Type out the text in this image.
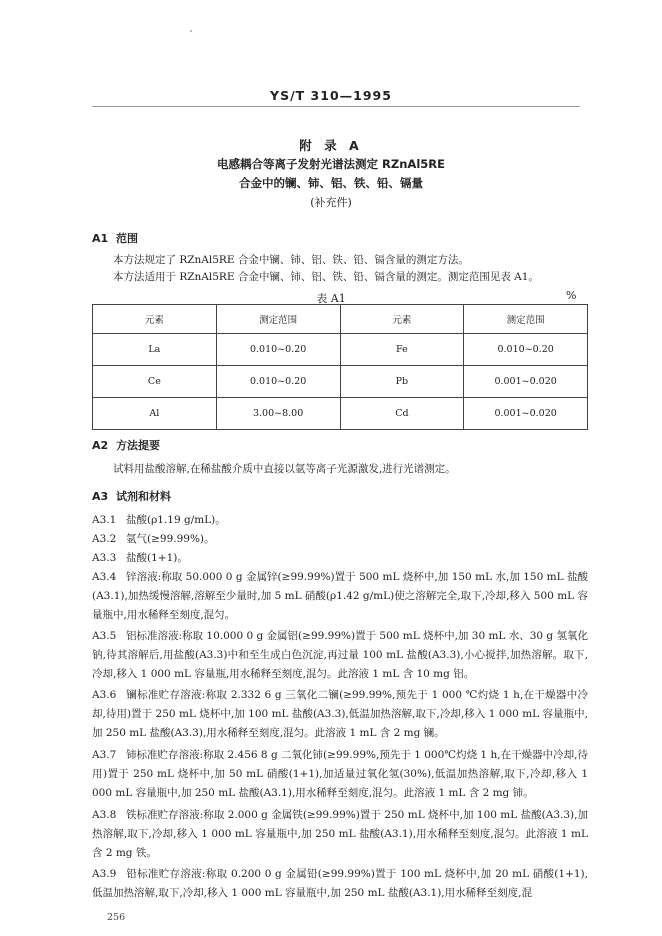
YS/T 310—1995
附 录 A
电感耦合等离子发射光谱法测定 RZnAl5RE
合金中的镧、铈、铝、铁、铅、镉量
(补充件)
A1 范围
本方法规定了 RZnAl5RE 合金中镧、铈、铝、铁、铅、镉含量的测定方法。
本方法适用于 RZnAl5RE 合金中镧、铈、铝、铁、铅、镉含量的测定。测定范围见表 A1。
表 A1	%
元素	测定范围	元素	测定范围
La	0.010~0.20	Fe	0.010~0.20
Ce	0.010~0.20	Pb	0.001~0.020
Al	3.00~8.00	Cd	0.001~0.020
A2 方法提要
试料用盐酸溶解,在稀盐酸介质中直接以氩等离子光源激发,进行光谱测定。
A3 试剂和材料
A3.1 盐酸(ρ1.19 g/mL)。
A3.2 氩气(≥99.99%)。
A3.3 盐酸(1+1)。
A3.4 锌溶液:称取 50.000 0 g 金属锌(≥99.99%)置于 500 mL 烧杯中,加 150 mL 水,加 150 mL 盐酸(A3.1),加热缓慢溶解,溶解至少量时,加 5 mL 硝酸(ρ1.42 g/mL)使之溶解完全,取下,冷却,移入 500 mL 容量瓶中,用水稀释至刻度,混匀。
A3.5 铝标准溶液:称取 10.000 0 g 金属铝(≥99.99%)置于 500 mL 烧杯中,加 30 mL 水、30 g 氢氧化钠,待其溶解后,用盐酸(A3.3)中和至生成白色沉淀,再过量 100 mL 盐酸(A3.3),小心搅拌,加热溶解。取下,冷却,移入 1 000 mL 容量瓶,用水稀释至刻度,混匀。此溶液 1 mL 含 10 mg 铝。
A3.6 镧标准贮存溶液:称取 2.332 6 g 三氧化二镧(≥99.99%,预先于 1 000 ℃灼烧 1 h,在干燥器中冷却,待用)置于 250 mL 烧杯中,加 100 mL 盐酸(A3.3),低温加热溶解,取下,冷却,移入 1 000 mL 容量瓶中,加 250 mL 盐酸(A3.3),用水稀释至刻度,混匀。此溶液 1 mL 含 2 mg 镧。
A3.7 铈标准贮存溶液:称取 2.456 8 g 二氧化铈(≥99.99%,预先于 1 000℃灼烧 1 h,在干燥器中冷却,待用)置于 250 mL 烧杯中,加 50 mL 硝酸(1+1),加适量过氧化氢(30%),低温加热溶解,取下,冷却,移入 1 000 mL 容量瓶中,加 250 mL 盐酸(A3.1),用水稀释至刻度,混匀。此溶液 1 mL 含 2 mg 铈。
A3.8 铁标准贮存溶液:称取 2.000 g 金属铁(≥99.99%)置于 250 mL 烧杯中,加 100 mL 盐酸(A3.3),加热溶解,取下,冷却,移入 1 000 mL 容量瓶中,加 250 mL 盐酸(A3.1),用水稀释至刻度,混匀。此溶液 1 mL 含 2 mg 铁。
A3.9 铅标准贮存溶液:称取 0.200 0 g 金属铅(≥99.99%)置于 100 mL 烧杯中,加 20 mL 硝酸(1+1),低温加热溶解,取下,冷却,移入 1 000 mL 容量瓶中,加 250 mL 盐酸(A3.1),用水稀释至刻度,混
256
